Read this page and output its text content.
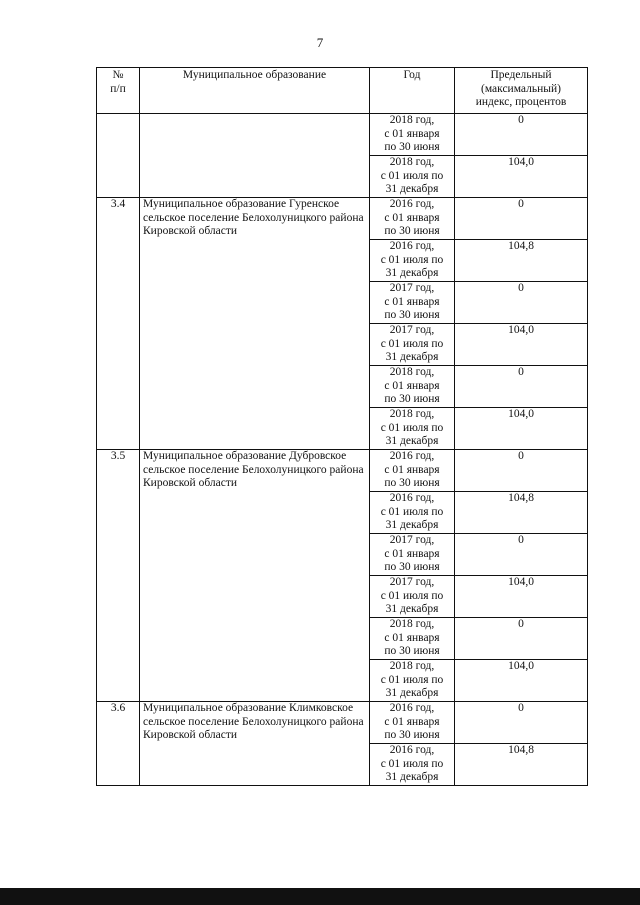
7
№
п/п	Муниципальное образование	Год	Предельный
(максимальный)
индекс, процентов
		2018 год,
с 01 января
по 30 июня	0
		2018 год,
с 01 июля по
31 декабря	104,0
3.4	Муниципальное образование Гуренское сельское поселение Белохолуницкого района Кировской области	2016 год,
с 01 января
по 30 июня	0
		2016 год,
с 01 июля по
31 декабря	104,8
		2017 год,
с 01 января
по 30 июня	0
		2017 год,
с 01 июля по
31 декабря	104,0
		2018 год,
с 01 января
по 30 июня	0
		2018 год,
с 01 июля по
31 декабря	104,0
3.5	Муниципальное образование Дубровское сельское поселение Белохолуницкого района Кировской области	2016 год,
с 01 января
по 30 июня	0
		2016 год,
с 01 июля по
31 декабря	104,8
		2017 год,
с 01 января
по 30 июня	0
		2017 год,
с 01 июля по
31 декабря	104,0
		2018 год,
с 01 января
по 30 июня	0
		2018 год,
с 01 июля по
31 декабря	104,0
3.6	Муниципальное образование Климковское сельское поселение Белохолуницкого района Кировской области	2016 год,
с 01 января
по 30 июня	0
		2016 год,
с 01 июля по
31 декабря	104,8
